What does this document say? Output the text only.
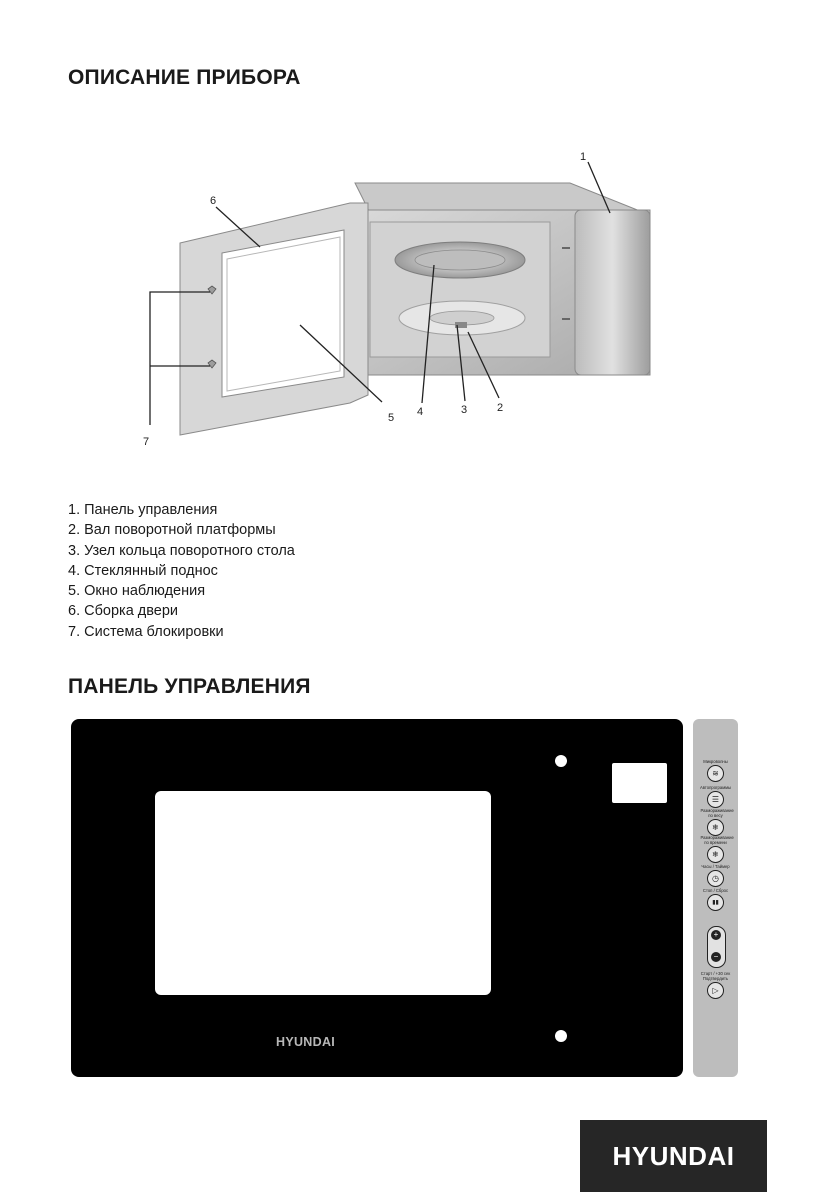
ОПИСАНИЕ ПРИБОРА
1
2
3
4
5
6
7
1. Панель управления
2. Вал поворотной платформы
3. Узел кольца поворотного стола
4. Стеклянный поднос
5. Окно наблюдения
6. Сборка двери
7. Система блокировки
ПАНЕЛЬ УПРАВЛЕНИЯ
HYUNDAI
Микроволны
≋
Автопрограммы
☰
Размораживание по весу
❄
Размораживание по времени
❄
Часы / Таймер
◷
Стоп / Сброс
▮▮
+
−
Старт / +30 сек Подтвердить
▷
HYUNDAI
